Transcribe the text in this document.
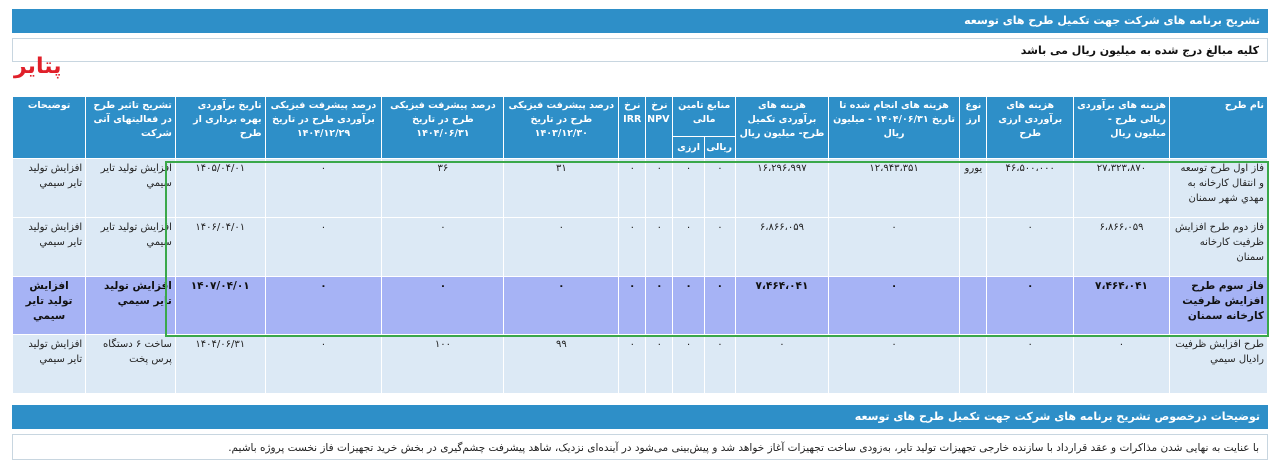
تشریح برنامه های شرکت جهت تکمیل طرح های توسعه
کلیه مبالغ درج شده به میلیون ریال می باشد
پتایر
نام طرح	هزینه های برآوردی ریالی طرح - میلیون ریال	هزینه های برآوردی ارزی طرح	نوع ارز	هزینه های انجام شده تا تاریخ ۱۴۰۴/۰۶/۳۱ - میلیون ریال	هزینه های برآوردی تکمیل طرح- میلیون ریال	منابع تامین مالی		نرخ NPV	نرخ IRR	درصد پیشرفت فیزیکی طرح در تاریخ ۱۴۰۳/۱۲/۳۰	درصد پیشرفت فیزیکی طرح در تاریخ ۱۴۰۴/۰۶/۳۱	درصد پیشرفت فیزیکی برآوردی طرح در تاریخ ۱۴۰۴/۱۲/۲۹	تاریخ برآوردی بهره برداری از طرح	تشریح تاثیر طرح در فعالیتهای آتی شرکت	توضیحات
						ریالی	ارزی								
فاز اول طرح توسعه و انتقال کارخانه به مهدي شهر سمنان	۲۷،۳۲۳،۸۷۰	۴۶،۵۰۰،۰۰۰	یورو	۱۲،۹۴۳،۳۵۱	۱۶،۲۹۶،۹۹۷	۰	۰	۰	۰	۳۱	۳۶	۰	۱۴۰۵/۰۴/۰۱	افزايش توليد تاير سيمي	افزايش توليد تاير سيمي
فاز دوم طرح افزایش ظرفیت کارخانه سمنان	۶،۸۶۶،۰۵۹	۰		۰	۶،۸۶۶،۰۵۹	۰	۰	۰	۰	۰	۰	۰	۱۴۰۶/۰۴/۰۱	افزايش توليد تاير سيمي	افزايش توليد تاير سيمي
فاز سوم طرح افزایش ظرفیت کارخانه سمنان	۷،۴۶۴،۰۴۱	۰		۰	۷،۴۶۴،۰۴۱	۰	۰	۰	۰	۰	۰	۰	۱۴۰۷/۰۴/۰۱	افزايش توليد تاير سيمي	افزايش توليد تاير سيمي
طرح افزایش ظرفیت رادیال سیمي	۰	۰		۰	۰	۰	۰	۰	۰	۹۹	۱۰۰	۰	۱۴۰۴/۰۶/۳۱	ساخت ۶ دستگاه پرس پخت	افزايش توليد تاير سيمي
توضیحات درخصوص تشریح برنامه های شرکت جهت تکمیل طرح های توسعه
با عنایت به نهایی شدن مذاکرات و عقد قرارداد با سازنده خارجی تجهیزات تولید تایر، به‌زودی ساخت تجهیزات آغاز خواهد شد و پیش‌بینی می‌شود در آینده‌ای نزدیک، شاهد پیشرفت چشم‌گیری در بخش خرید تجهیزات فاز نخست پروژه باشیم.
